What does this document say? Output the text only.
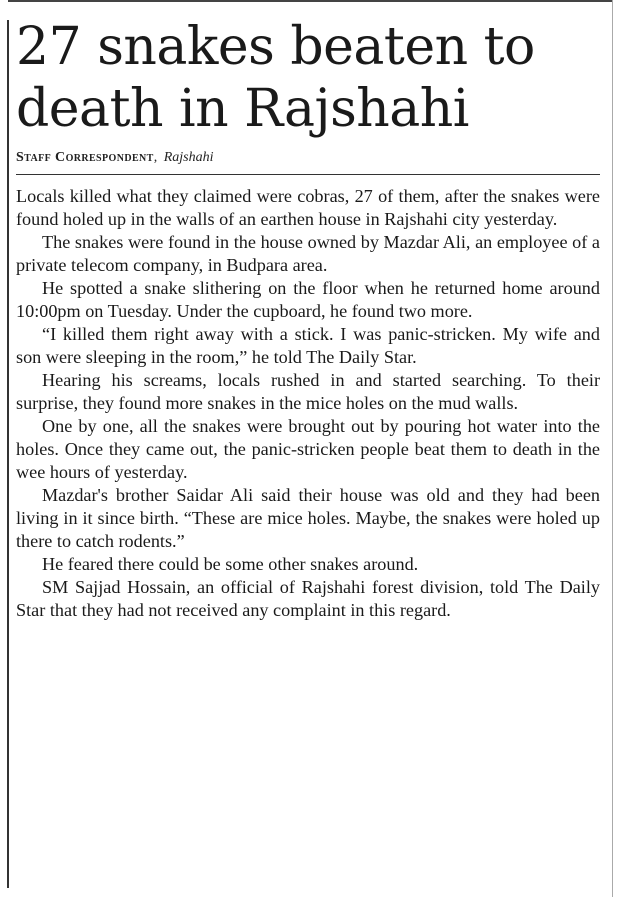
27 snakes beaten to death in Rajshahi
Staff Correspondent, Rajshahi

Locals killed what they claimed were cobras, 27 of them, after the snakes were found holed up in the walls of an earthen house in Rajshahi city yesterday.

The snakes were found in the house owned by Mazdar Ali, an employee of a private telecom company, in Budpara area.

He spotted a snake slithering on the floor when he returned home around 10:00pm on Tuesday. Under the cupboard, he found two more.

“I killed them right away with a stick. I was panic-stricken. My wife and son were sleeping in the room,” he told The Daily Star.

Hearing his screams, locals rushed in and started searching. To their surprise, they found more snakes in the mice holes on the mud walls.

One by one, all the snakes were brought out by pouring hot water into the holes. Once they came out, the panic-stricken people beat them to death in the wee hours of yesterday.

Mazdar's brother Saidar Ali said their house was old and they had been living in it since birth. “These are mice holes. Maybe, the snakes were holed up there to catch rodents.”

He feared there could be some other snakes around.

SM Sajjad Hossain, an official of Rajshahi forest division, told The Daily Star that they had not received any complaint in this regard.
